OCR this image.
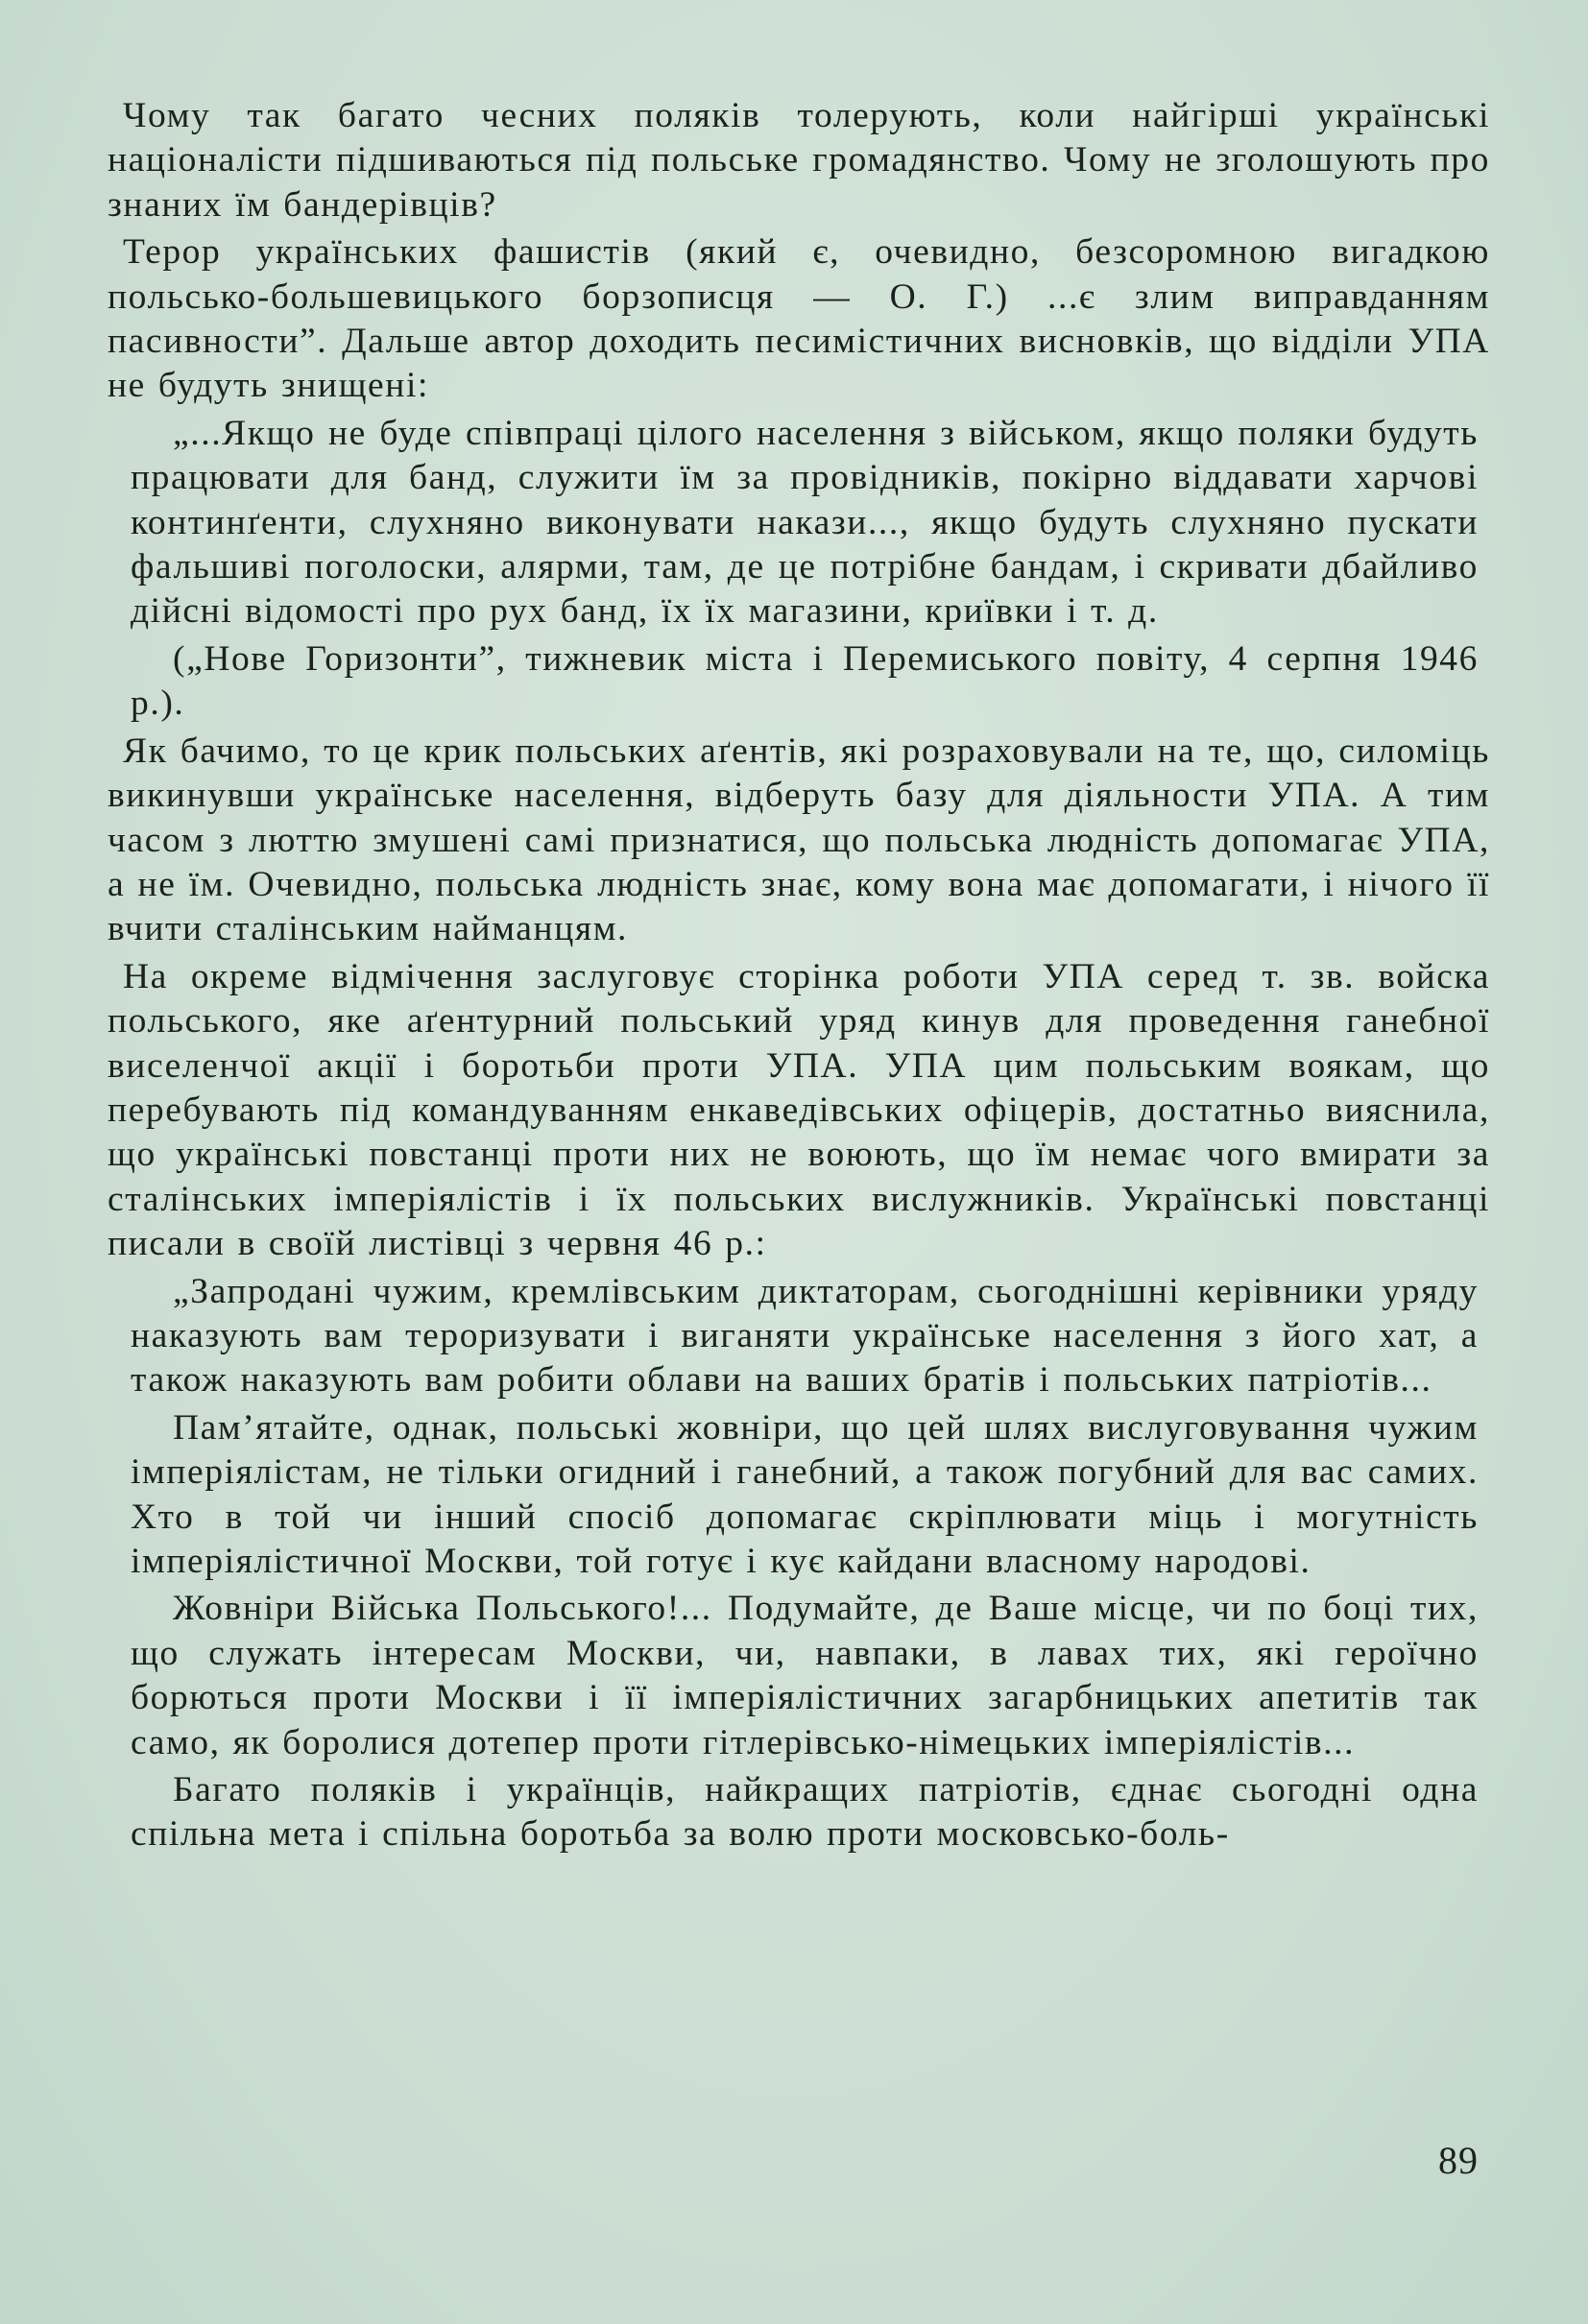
Чому так багато чесних поляків толерують, коли найгірші українські націоналісти підшиваються під польське громадянство. Чому не зголошують про знаних їм бандерівців?

Терор українських фашистів (який є, очевидно, безсоромною вигадкою польсько-большевицького борзописця — О. Г.) ...є злим виправданням пасивности”. Дальше автор доходить песимістичних висновків, що відділи УПА не будуть знищені:

„...Якщо не буде співпраці цілого населення з військом, якщо поляки будуть працювати для банд, служити їм за провідників, покірно віддавати харчові континґенти, слухняно виконувати накази..., якщо будуть слухняно пускати фальшиві поголоски, алярми, там, де це потрібне бандам, і скривати дбайливо дійсні відомості про рух банд, їх їх магазини, криївки і т. д.

(„Нове Горизонти”, тижневик міста і Перемиського повіту, 4 серпня 1946 р.).

Як бачимо, то це крик польських аґентів, які розраховували на те, що, силоміць викинувши українське населення, відберуть базу для діяльности УПА. А тим часом з люттю змушені самі признатися, що польська людність допомагає УПА, а не їм. Очевидно, польська людність знає, кому вона має допомагати, і нічого її вчити сталінським найманцям.

На окреме відмічення заслуговує сторінка роботи УПА серед т. зв. войска польського, яке аґентурний польський уряд кинув для проведення ганебної виселенчої акції і боротьби проти УПА. УПА цим польським воякам, що перебувають під командуванням енкаведівських офіцерів, достатньо вияснила, що українські повстанці проти них не воюють, що їм немає чого вмирати за сталінських імперіялістів і їх польських вислужників. Українські повстанці писали в своїй листівці з червня 46 р.:

„Запродані чужим, кремлівським диктаторам, сьогоднішні керівники уряду наказують вам тероризувати і виганяти українське населення з його хат, а також наказують вам робити облави на ваших братів і польських патріотів...

Пам’ятайте, однак, польські жовніри, що цей шлях вислуговування чужим імперіялістам, не тільки огидний і ганебний, а також погубний для вас самих. Хто в той чи інший спосіб допомагає скріплювати міць і могутність імперіялістичної Москви, той готує і кує кайдани власному народові.

Жовніри Війська Польського!... Подумайте, де Ваше місце, чи по боці тих, що служать інтересам Москви, чи, навпаки, в лавах тих, які героїчно борються проти Москви і її імперіялістичних загарбницьких апетитів так само, як боролися дотепер проти гітлерівсько-німецьких імперіялістів...

Багато поляків і українців, найкращих патріотів, єднає сьогодні одна спільна мета і спільна боротьба за волю проти московсько-боль-

89
